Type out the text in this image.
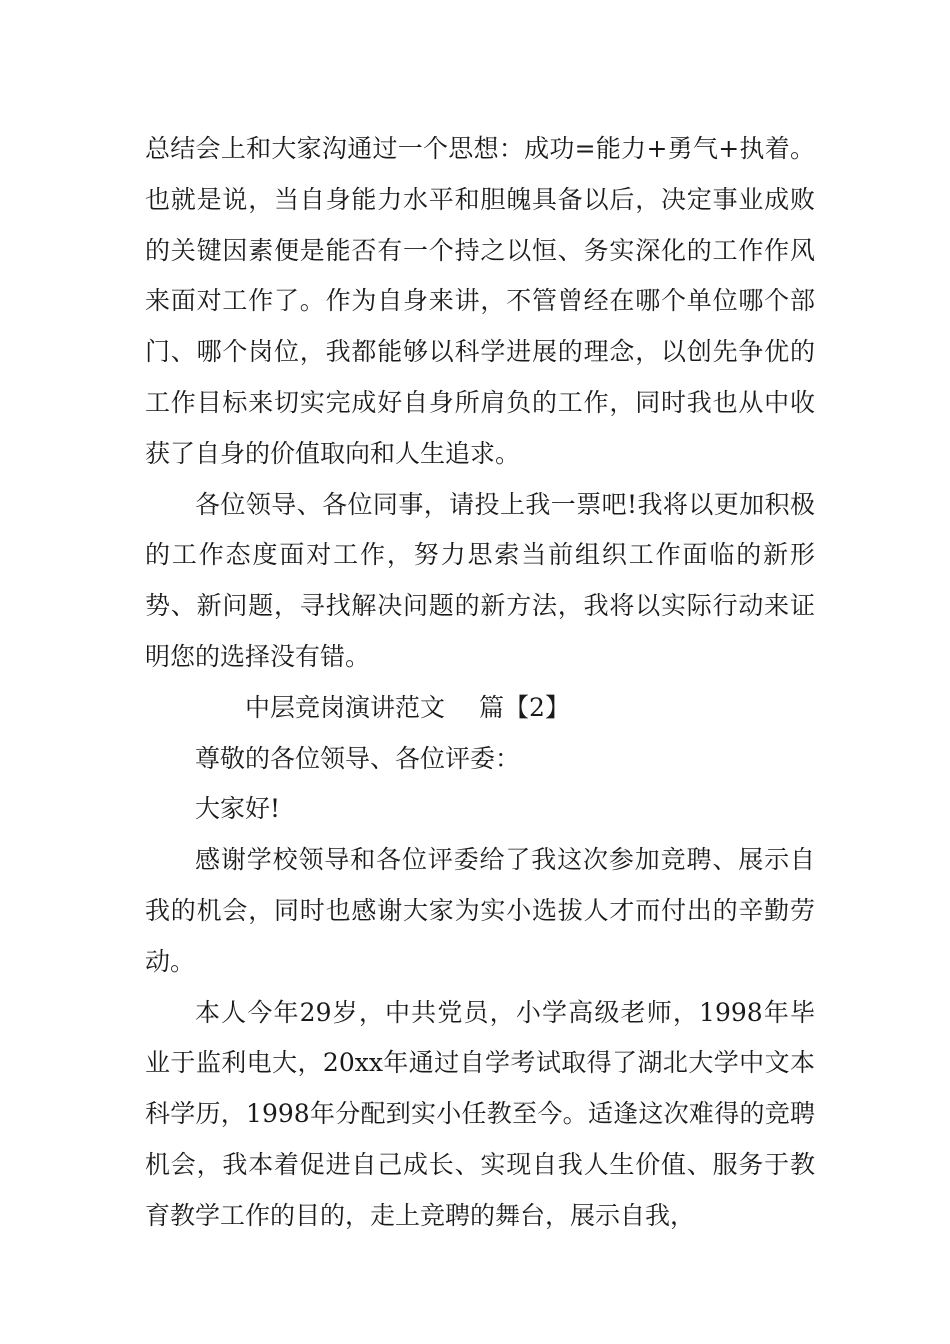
总结会上和大家沟通过一个思想：成功=能力+勇气+执着。也就是说，当自身能力水平和胆魄具备以后，决定事业成败的关键因素便是能否有一个持之以恒、务实深化的工作作风来面对工作了。作为自身来讲，不管曾经在哪个单位哪个部门、哪个岗位，我都能够以科学进展的理念，以创先争优的工作目标来切实完成好自身所肩负的工作，同时我也从中收获了自身的价值取向和人生追求。

各位领导、各位同事，请投上我一票吧!我将以更加积极的工作态度面对工作，努力思索当前组织工作面临的新形势、新问题，寻找解决问题的新方法，我将以实际行动来证明您的选择没有错。

中层竞岗演讲范文 篇【2】

尊敬的各位领导、各位评委：

大家好!

感谢学校领导和各位评委给了我这次参加竞聘、展示自我的机会，同时也感谢大家为实小选拔人才而付出的辛勤劳动。

本人今年29岁，中共党员，小学高级老师，1998年毕业于监利电大，20xx年通过自学考试取得了湖北大学中文本科学历，1998年分配到实小任教至今。适逢这次难得的竞聘机会，我本着促进自己成长、实现自我人生价值、服务于教育教学工作的目的，走上竞聘的舞台，展示自我，
